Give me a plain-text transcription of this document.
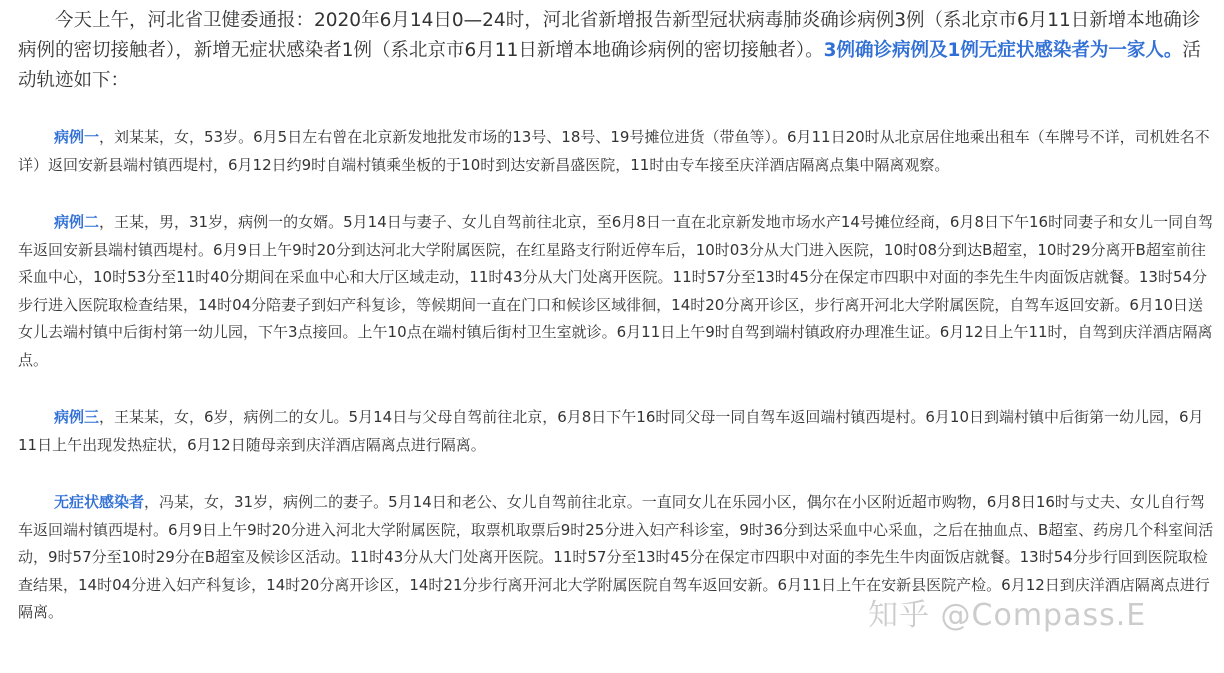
今天上午，河北省卫健委通报：2020年6月14日0—24时，河北省新增报告新型冠状病毒肺炎确诊病例3例（系北京市6月11日新增本地确诊病例的密切接触者），新增无症状感染者1例（系北京市6月11日新增本地确诊病例的密切接触者）。3例确诊病例及1例无症状感染者为一家人。活动轨迹如下：

病例一，刘某某，女，53岁。6月5日左右曾在北京新发地批发市场的13号、18号、19号摊位进货（带鱼等）。6月11日20时从北京居住地乘出租车（车牌号不详，司机姓名不详）返回安新县端村镇西堤村，6月12日约9时自端村镇乘坐板的于10时到达安新昌盛医院，11时由专车接至庆洋酒店隔离点集中隔离观察。

病例二，王某，男，31岁，病例一的女婿。5月14日与妻子、女儿自驾前往北京，至6月8日一直在北京新发地市场水产14号摊位经商，6月8日下午16时同妻子和女儿一同自驾车返回安新县端村镇西堤村。6月9日上午9时20分到达河北大学附属医院，在红星路支行附近停车后，10时03分从大门进入医院，10时08分到达B超室，10时29分离开B超室前往采血中心，10时53分至11时40分期间在采血中心和大厅区域走动，11时43分从大门处离开医院。11时57分至13时45分在保定市四职中对面的李先生牛肉面饭店就餐。13时54分步行进入医院取检查结果，14时04分陪妻子到妇产科复诊，等候期间一直在门口和候诊区域徘徊，14时20分离开诊区，步行离开河北大学附属医院，自驾车返回安新。6月10日送女儿去端村镇中后街村第一幼儿园，下午3点接回。上午10点在端村镇后街村卫生室就诊。6月11日上午9时自驾到端村镇政府办理准生证。6月12日上午11时，自驾到庆洋酒店隔离点。

病例三，王某某，女，6岁，病例二的女儿。5月14日与父母自驾前往北京，6月8日下午16时同父母一同自驾车返回端村镇西堤村。6月10日到端村镇中后街第一幼儿园，6月11日上午出现发热症状，6月12日随母亲到庆洋酒店隔离点进行隔离。

无症状感染者，冯某，女，31岁，病例二的妻子。5月14日和老公、女儿自驾前往北京。一直同女儿在乐园小区，偶尔在小区附近超市购物，6月8日16时与丈夫、女儿自行驾车返回端村镇西堤村。6月9日上午9时20分进入河北大学附属医院，取票机取票后9时25分进入妇产科诊室，9时36分到达采血中心采血，之后在抽血点、B超室、药房几个科室间活动，9时57分至10时29分在B超室及候诊区活动。11时43分从大门处离开医院。11时57分至13时45分在保定市四职中对面的李先生牛肉面饭店就餐。13时54分步行回到医院取检查结果，14时04分进入妇产科复诊，14时20分离开诊区，14时21分步行离开河北大学附属医院自驾车返回安新。6月11日上午在安新县医院产检。6月12日到庆洋酒店隔离点进行隔离。	知乎 @Compass.E
